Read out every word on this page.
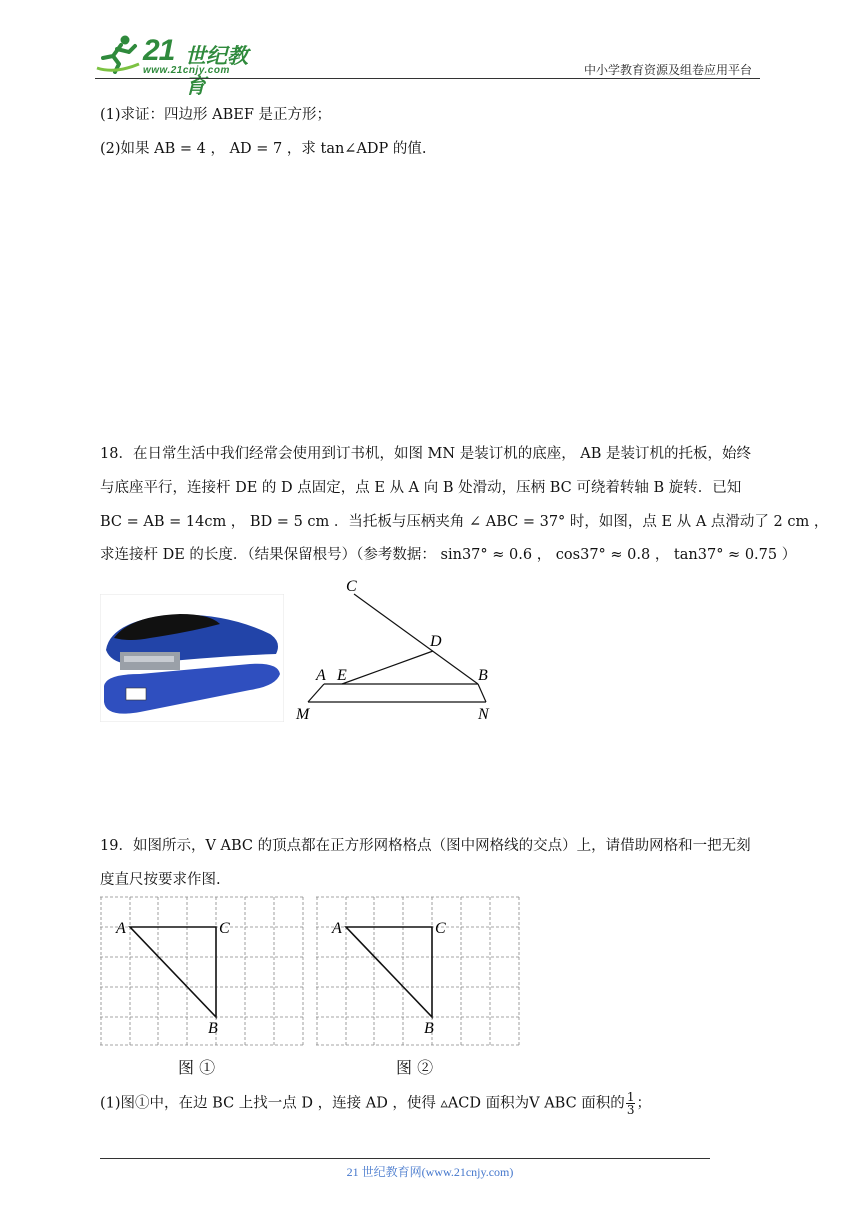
21 世纪教育
www.21cnjy.com	中小学教育资源及组卷应用平台
(1)求证：四边形 ABEF 是正方形；
(2)如果 AB = 4 ， AD = 7 ，求 tan∠ADP 的值.
18．在日常生活中我们经常会使用到订书机，如图 MN 是装订机的底座， AB 是装订机的托板，始终
与底座平行，连接杆 DE 的 D 点固定，点 E 从 A 向 B 处滑动，压柄 BC 可绕着转轴 B 旋转．已知
BC = AB = 14cm ， BD = 5 cm ．当托板与压柄夹角 ∠ ABC = 37° 时，如图，点 E 从 A 点滑动了 2 cm ，
求连接杆 DE 的长度．（结果保留根号）（参考数据： sin37° ≈ 0.6 ， cos37° ≈ 0.8 ， tan37° ≈ 0.75 ）
C
D
A E	B
M	N
19．如图所示，V ABC 的顶点都在正方形网格格点（图中网格线的交点）上，请借助网格和一把无刻
度直尺按要求作图.
A	C
B
A	C
B
图 ①	图 ②
(1)图①中，在边 BC 上找一点 D ，连接 AD ，使得 ▵ACD 面积为V ABC 面积的 $\frac{1}{3}$ ；
21 世纪教育网(www.21cnjy.com)
